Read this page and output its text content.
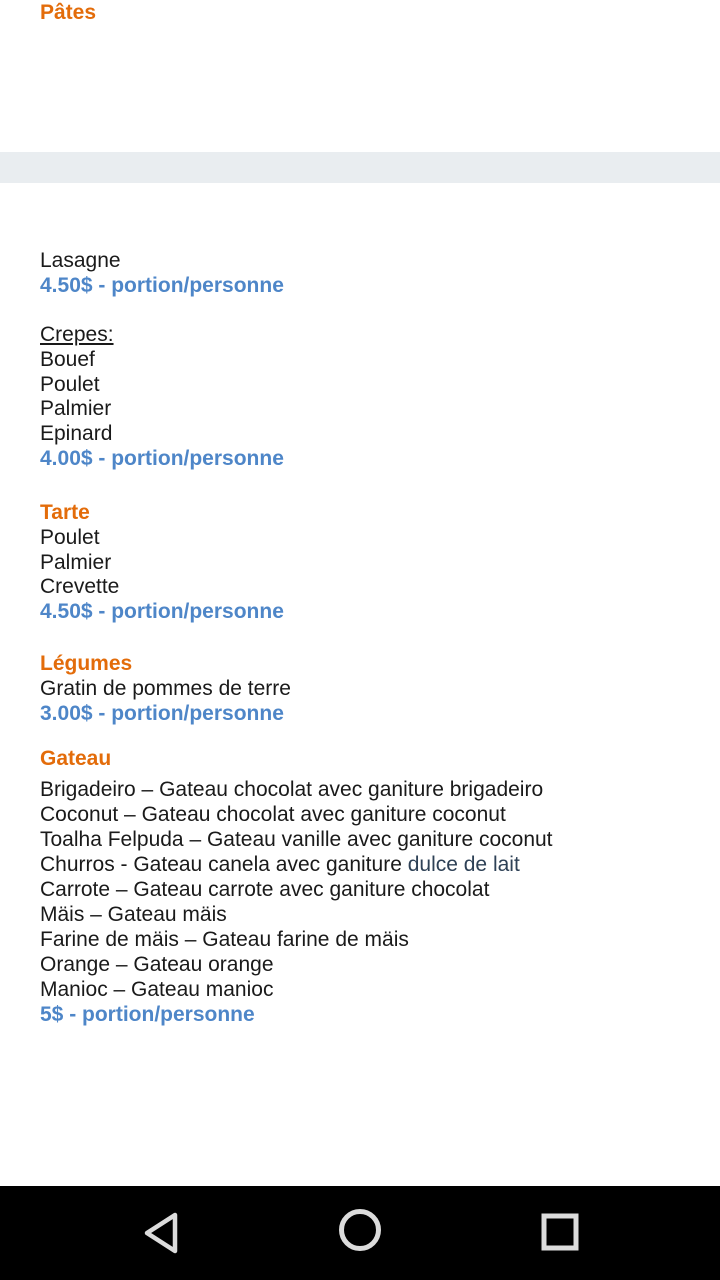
Pâtes
Lasagne
4.50$ - portion/personne
Crepes:
Bouef
Poulet
Palmier
Epinard
4.00$ - portion/personne
Tarte
Poulet
Palmier
Crevette
4.50$ - portion/personne
Légumes
Gratin de pommes de terre
3.00$ - portion/personne
Gateau
Brigadeiro – Gateau chocolat avec ganiture brigadeiro
Coconut – Gateau chocolat avec ganiture coconut
Toalha Felpuda – Gateau vanille avec ganiture coconut
Churros - Gateau canela avec ganiture dulce de lait
Carrote – Gateau carrote avec ganiture chocolat
Mäis – Gateau mäis
Farine de mäis – Gateau farine de mäis
Orange – Gateau orange
Manioc – Gateau manioc
5$ - portion/personne
